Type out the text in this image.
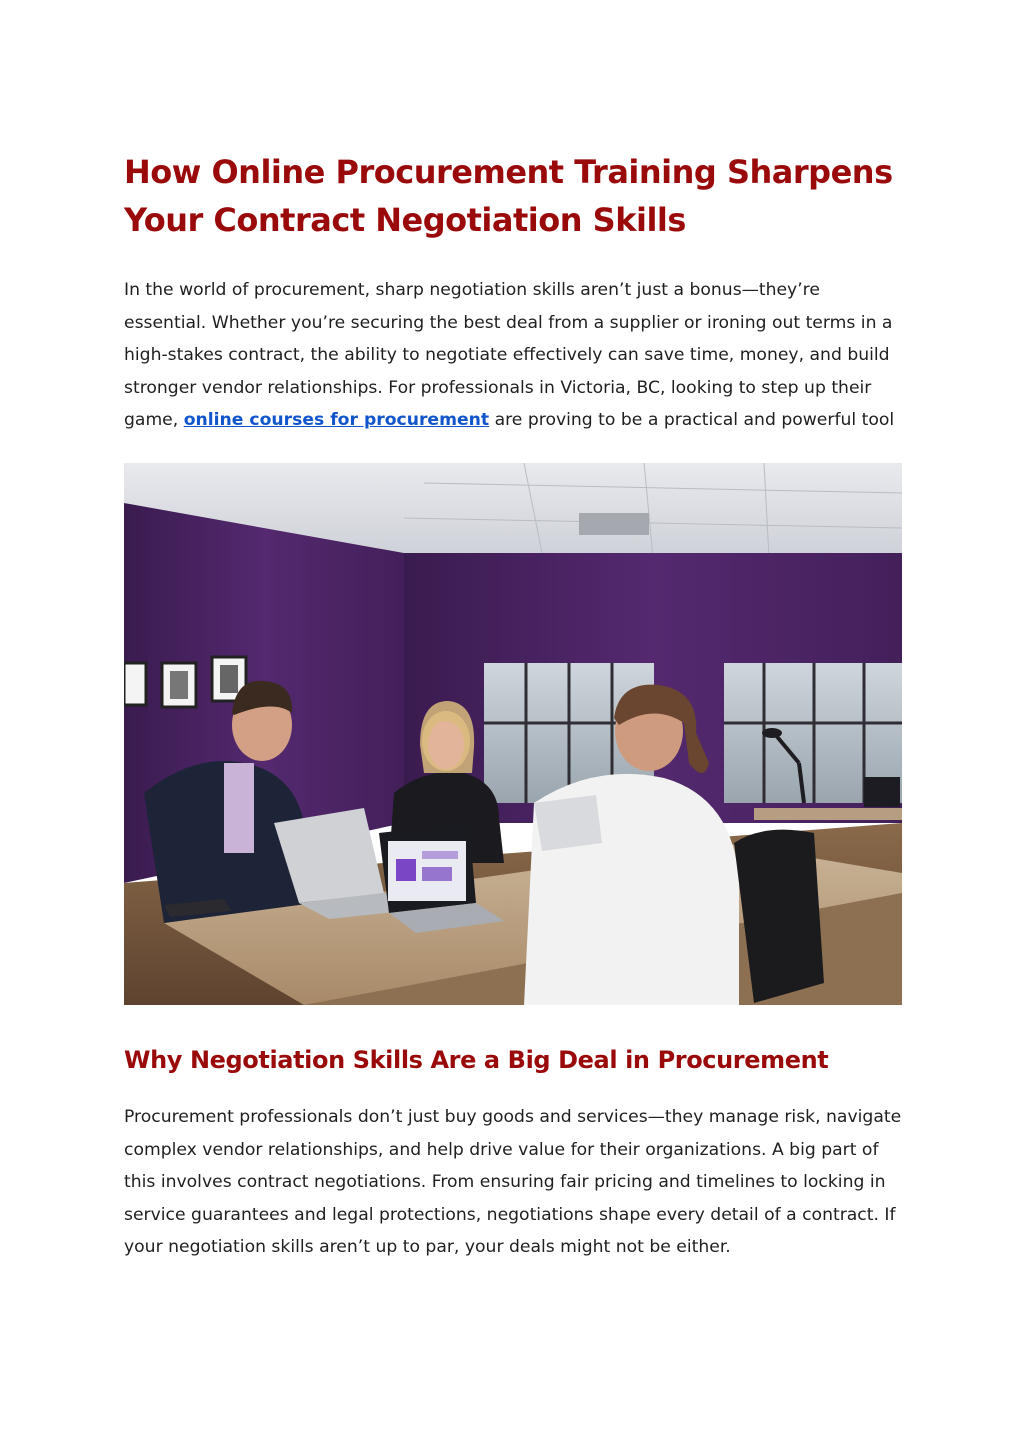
How Online Procurement Training Sharpens
Your Contract Negotiation Skills

In the world of procurement, sharp negotiation skills aren’t just a bonus—they’re essential. Whether you’re securing the best deal from a supplier or ironing out terms in a high-stakes contract, the ability to negotiate effectively can save time, money, and build stronger vendor relationships. For professionals in Victoria, BC, looking to step up their game, online courses for procurement are proving to be a practical and powerful tool

Why Negotiation Skills Are a Big Deal in Procurement

Procurement professionals don’t just buy goods and services—they manage risk, navigate complex vendor relationships, and help drive value for their organizations. A big part of this involves contract negotiations. From ensuring fair pricing and timelines to locking in service guarantees and legal protections, negotiations shape every detail of a contract. If your negotiation skills aren’t up to par, your deals might not be either.
